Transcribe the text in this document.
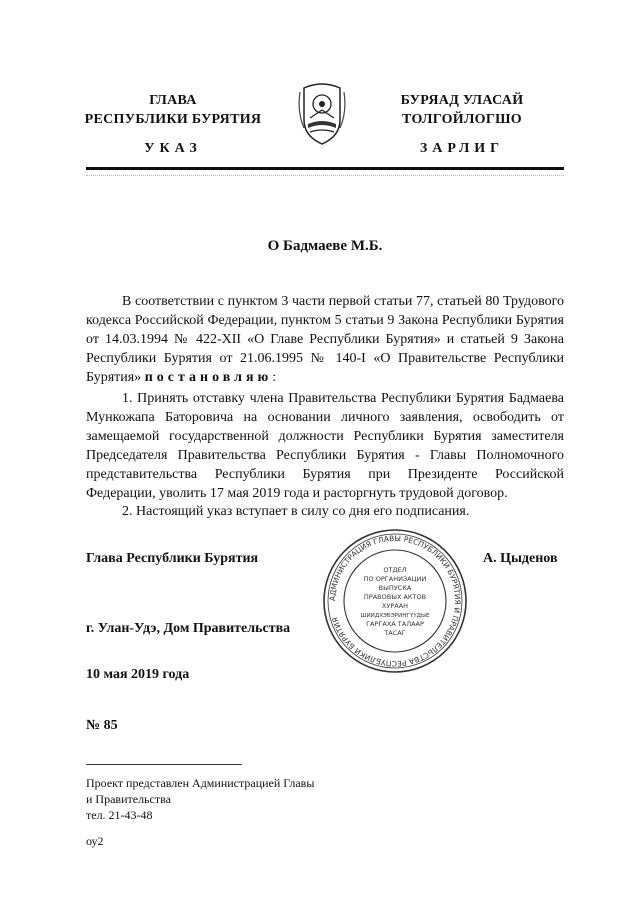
ГЛАВА
РЕСПУБЛИКИ БУРЯТИЯ
БУРЯАД УЛАСАЙ
ТОЛГОЙЛОГШО
УКАЗ	ЗАРЛИГ
О Бадмаеве М.Б.
В соответствии с пунктом 3 части первой статьи 77, статьей 80 Трудового кодекса Российской Федерации, пунктом 5 статьи 9 Закона Республики Бурятия от 14.03.1994 № 422-XII «О Главе Республики Бурятия» и статьей 9 Закона Республики Бурятия от 21.06.1995 № 140-I «О Правительстве Республики Бурятия» постановляю:
1. Принять отставку члена Правительства Республики Бурятия Бадмаева Мункожапа Баторовича на основании личного заявления, освободить от замещаемой государственной должности Республики Бурятия заместителя Председателя Правительства Республики Бурятия - Главы Полномочного представительства Республики Бурятия при Президенте Российской Федерации, уволить 17 мая 2019 года и расторгнуть трудовой договор.
2. Настоящий указ вступает в силу со дня его подписания.
Глава Республики Бурятия
АДМИНИСТРАЦИЯ ГЛАВЫ РЕСПУБЛИКИ БУРЯТИЯ И ПРАВИТЕЛЬСТВА РЕСПУБЛИКИ БУРЯТИЯ
ОТДЕЛ
ПО ОРГАНИЗАЦИИ
ВЫПУСКА
ПРАВОВЫХ АКТОВ
ХУРААН
ШИИДХЭБЭРИНГҮҮДЫЕ
ГАРГАХА ТАЛААР
ТАСАГ
А. Цыденов
г. Улан-Удэ, Дом Правительства
10 мая 2019 года
№ 85
Проект представлен Администрацией Главы
и Правительства
тел. 21-43-48
оу2
